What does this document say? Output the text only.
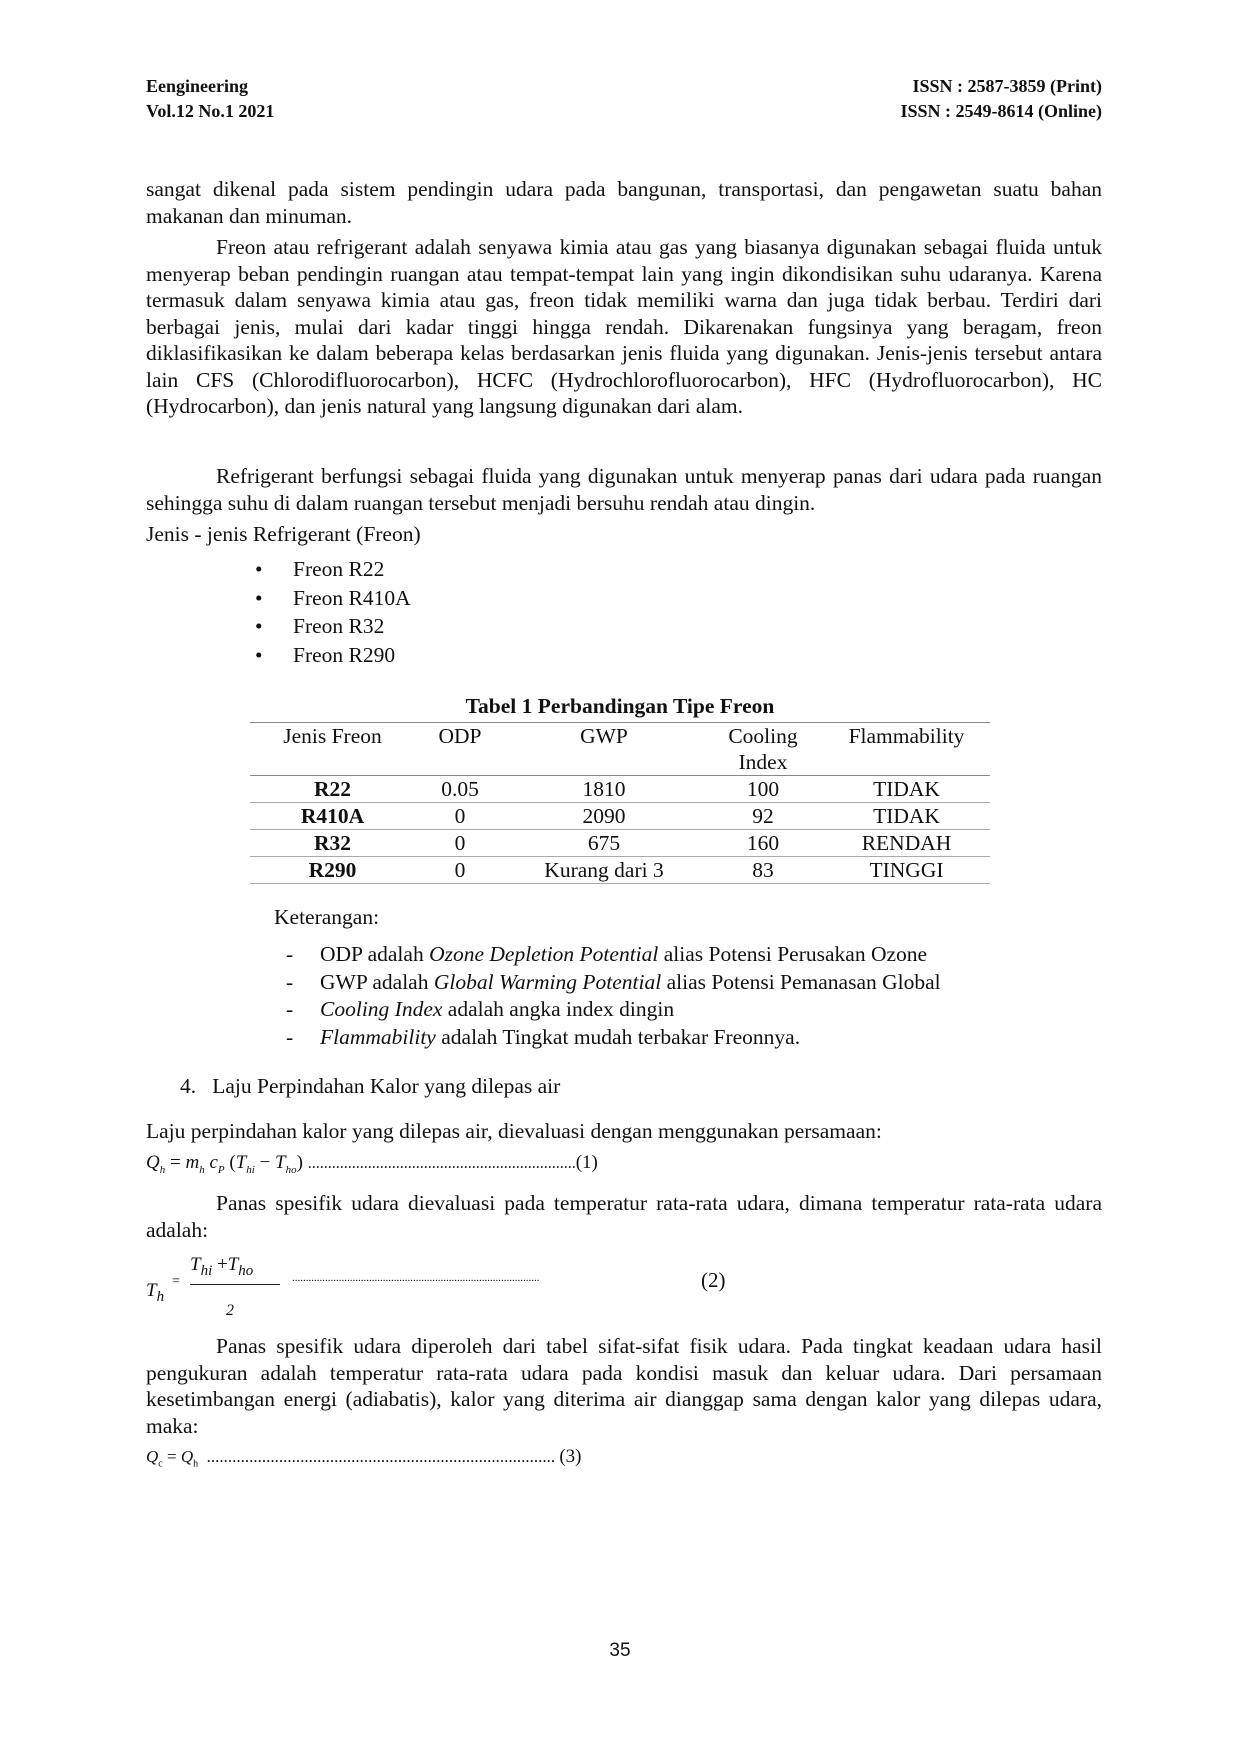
Eengineering
Vol.12 No.1 2021
ISSN : 2587-3859 (Print)
ISSN : 2549-8614 (Online)

sangat dikenal pada sistem pendingin udara pada bangunan, transportasi, dan pengawetan suatu bahan makanan dan minuman.

Freon atau refrigerant adalah senyawa kimia atau gas yang biasanya digunakan sebagai fluida untuk menyerap beban pendingin ruangan atau tempat-tempat lain yang ingin dikondisikan suhu udaranya. Karena termasuk dalam senyawa kimia atau gas, freon tidak memiliki warna dan juga tidak berbau. Terdiri dari berbagai jenis, mulai dari kadar tinggi hingga rendah. Dikarenakan fungsinya yang beragam, freon diklasifikasikan ke dalam beberapa kelas berdasarkan jenis fluida yang digunakan. Jenis-jenis tersebut antara lain CFS (Chlorodifluorocarbon), HCFC (Hydrochlorofluorocarbon), HFC (Hydrofluorocarbon), HC (Hydrocarbon), dan jenis natural yang langsung digunakan dari alam.

Refrigerant berfungsi sebagai fluida yang digunakan untuk menyerap panas dari udara pada ruangan sehingga suhu di dalam ruangan tersebut menjadi bersuhu rendah atau dingin.

Jenis - jenis Refrigerant (Freon)

• Freon R22
• Freon R410A
• Freon R32
• Freon R290
Tabel 1 Perbandingan Tipe Freon
Jenis Freon	ODP	GWP	Cooling Index	Flammability
R22	0.05	1810	100	TIDAK
R410A	0	2090	92	TIDAK
R32	0	675	160	RENDAH
R290	0	Kurang dari 3	83	TINGGI
Keterangan:
- ODP adalah Ozone Depletion Potential alias Potensi Perusakan Ozone
- GWP adalah Global Warming Potential alias Potensi Pemanasan Global
- Cooling Index adalah angka index dingin
- Flammability adalah Tingkat mudah terbakar Freonnya.
4. Laju Perpindahan Kalor yang dilepas air

Laju perpindahan kalor yang dilepas air, dievaluasi dengan menggunakan persamaan:

$Q_h = m_h$ $c_P$ $(T_{hi} - T_{ho})$ ...................................................................(1)

Panas spesifik udara dievaluasi pada temperatur rata-rata udara, dimana temperatur rata-rata udara adalah:

$T_h$
=
$T_{hi} +T_{ho}$
2
..........................................................................................	(2)

Panas spesifik udara diperoleh dari tabel sifat-sifat fisik udara. Pada tingkat keadaan udara hasil pengukuran adalah temperatur rata-rata udara pada kondisi masuk dan keluar udara. Dari persamaan kesetimbangan energi (adiabatis), kalor yang diterima air dianggap sama dengan kalor yang dilepas udara, maka:

$Q_c = Q_h$ .................................................................................. (3)
35
